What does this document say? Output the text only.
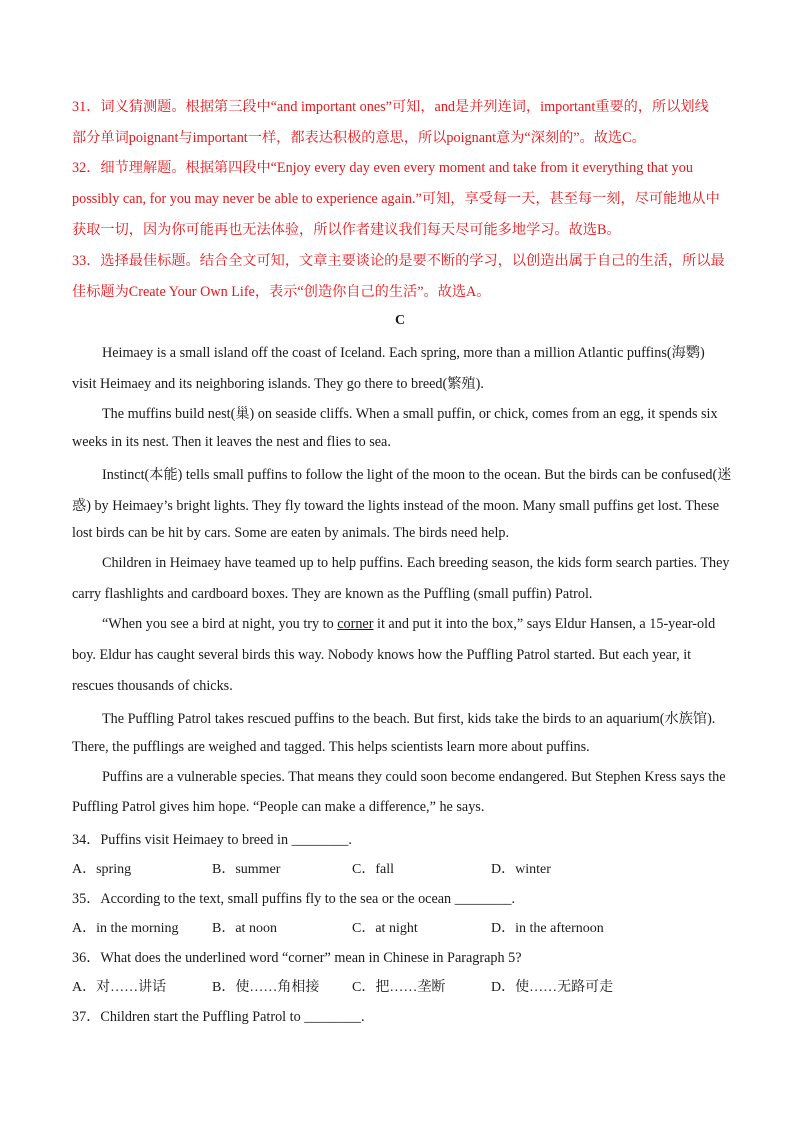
31．词义猜测题。根据第三段中“and important ones”可知，and是并列连词，important重要的，所以划线
部分单词poignant与important一样，都表达积极的意思，所以poignant意为“深刻的”。故选C。
32．细节理解题。根据第四段中“Enjoy every day even every moment and take from it everything that you
possibly can, for you may never be able to experience again.”可知，享受每一天，甚至每一刻，尽可能地从中
获取一切，因为你可能再也无法体验，所以作者建议我们每天尽可能多地学习。故选B。
33．选择最佳标题。结合全文可知，文章主要谈论的是要不断的学习，以创造出属于自己的生活，所以最
佳标题为Create Your Own Life，表示“创造你自己的生活”。故选A。
C
Heimaey is a small island off the coast of Iceland. Each spring, more than a million Atlantic puffins(海鹦)
visit Heimaey and its neighboring islands. They go there to breed(繁殖).
The muffins build nest(巢) on seaside cliffs. When a small puffin, or chick, comes from an egg, it spends six
weeks in its nest. Then it leaves the nest and flies to sea.
Instinct(本能) tells small puffins to follow the light of the moon to the ocean. But the birds can be confused(迷
惑) by Heimaey’s bright lights. They fly toward the lights instead of the moon. Many small puffins get lost. These
lost birds can be hit by cars. Some are eaten by animals. The birds need help.
Children in Heimaey have teamed up to help puffins. Each breeding season, the kids form search parties. They
carry flashlights and cardboard boxes. They are known as the Puffling (small puffin) Patrol.
“When you see a bird at night, you try to corner it and put it into the box,” says Eldur Hansen, a 15-year-old
boy. Eldur has caught several birds this way. Nobody knows how the Puffling Patrol started. But each year, it
rescues thousands of chicks.
The Puffling Patrol takes rescued puffins to the beach. But first, kids take the birds to an aquarium(水族馆).
There, the pufflings are weighed and tagged. This helps scientists learn more about puffins.
Puffins are a vulnerable species. That means they could soon become endangered. But Stephen Kress says the
Puffling Patrol gives him hope. “People can make a difference,” he says.
34．Puffins visit Heimaey to breed in ________.
A．spring	B．summer	C．fall	D．winter
35．According to the text, small puffins fly to the sea or the ocean ________.
A．in the morning B．at noon	C．at night	D．in the afternoon
36．What does the underlined word “corner” mean in Chinese in Paragraph 5?
A．对……讲话	B．使……角相接 C．把……垄断	D．使……无路可走
37．Children start the Puffling Patrol to ________.
